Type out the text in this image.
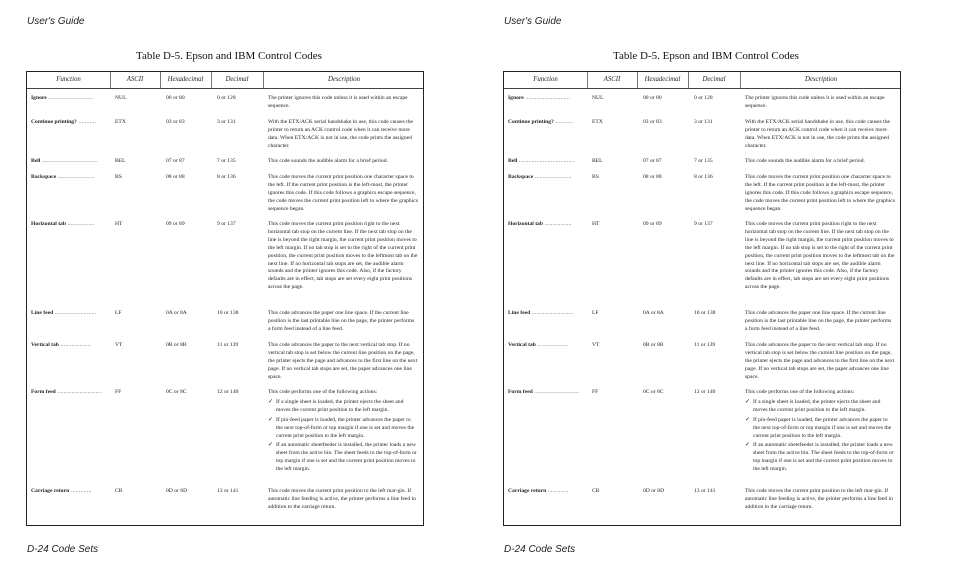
User's Guide
Table D-5. Epson and IBM Control Codes
Function	ASCII	Hexadecimal	Decimal	Description
Ignore ............................	NUL	00 or 80	0 or 128	The printer ignores this code unless it is used within an escape sequence.
Continue printing? ...........	ETX	03 or 83	3 or 131	With the ETX/ACK serial handshake in use, this code causes the printer to return an ACK control code when it can receive more data. When ETX/ACK is not in use, the code prints the assigned character.
Bell ...................................	BEL	07 or 87	7 or 135	This code sounds the audible alarm for a brief period.
Backspace .......................	BS	08 or 88	8 or 136	This code moves the current print position one character space to the left. If the current print position is the left-most, the printer ignores this code. If this code follows a graphics escape sequence, the code moves the current print position left to where the graphics sequence began.
Horizontal tab .................	HT	09 or 89	9 or 137	This code moves the current print position right to the next horizontal tab stop on the current line. If the next tab stop on the line is beyond the right margin, the current print position moves to the left margin. If no tab stop is set to the right of the current print position, the current print position moves to the leftmost tab on the next line. If no horizontal tab stops are set, the audible alarm sounds and the printer ignores this code. Also, if the factory defaults are in effect, tab stops are set every eight print positions across the page.
Line feed ..........................	LF	0A or 8A	10 or 138	This code advances the paper one line space. If the current line position is the last printable line on the page, the printer performs a form feed instead of a line feed.
Vertical tab ...................	VT	0B or 8B	11 or 139	This code advances the paper to the next vertical tab stop. If no vertical tab stop is set below the current line position on the page, the printer ejects the page and advances to the first line on the next page. If no vertical tab stops are set, the paper advances one line space.
Form feed ............................	FF	0C or 8C	12 or 140	This code performs one of the following actions:
✓ If a single sheet is loaded, the printer ejects the sheet and moves the current print position to the left margin.
✓ If pin-feed paper is loaded, the printer advances the paper to the next top-of-form or top margin if one is set and moves the current print position to the left margin.
✓ If an automatic sheetfeeder is installed, the printer loads a new sheet from the active bin. The sheet feeds to the top-of-form or top margin if one is set and the current print position moves to the left margin.
Carriage return .............	CR	0D or 8D	13 or 141	This code moves the current print position to the left mar-gin. If automatic line feeding is active, the printer performs a line feed in addition to the carriage return.
D-24 Code Sets
User's Guide
Table D-5. Epson and IBM Control Codes
Function	ASCII	Hexadecimal	Decimal	Description
Ignore ............................	NUL	00 or 80	0 or 128	The printer ignores this code unless it is used within an escape sequence.
Continue printing? ...........	ETX	03 or 83	3 or 131	With the ETX/ACK serial handshake in use, this code causes the printer to return an ACK control code when it can receive more data. When ETX/ACK is not in use, the code prints the assigned character.
Bell ...................................	BEL	07 or 87	7 or 135	This code sounds the audible alarm for a brief period.
Backspace .......................	BS	08 or 88	8 or 136	This code moves the current print position one character space to the left. If the current print position is the left-most, the printer ignores this code. If this code follows a graphics escape sequence, the code moves the current print position left to where the graphics sequence began.
Horizontal tab .................	HT	09 or 89	9 or 137	This code moves the current print position right to the next horizontal tab stop on the current line. If the next tab stop on the line is beyond the right margin, the current print position moves to the left margin. If no tab stop is set to the right of the current print position, the current print position moves to the leftmost tab on the next line. If no horizontal tab stops are set, the audible alarm sounds and the printer ignores this code. Also, if the factory defaults are in effect, tab stops are set every eight print positions across the page.
Line feed ..........................	LF	0A or 8A	10 or 138	This code advances the paper one line space. If the current line position is the last printable line on the page, the printer performs a form feed instead of a line feed.
Vertical tab ...................	VT	0B or 8B	11 or 139	This code advances the paper to the next vertical tab stop. If no vertical tab stop is set below the current line position on the page, the printer ejects the page and advances to the first line on the next page. If no vertical tab stops are set, the paper advances one line space.
Form feed ............................	FF	0C or 8C	12 or 140	This code performs one of the following actions:
✓ If a single sheet is loaded, the printer ejects the sheet and moves the current print position to the left margin.
✓ If pin-feed paper is loaded, the printer advances the paper to the next top-of-form or top margin if one is set and moves the current print position to the left margin.
✓ If an automatic sheetfeeder is installed, the printer loads a new sheet from the active bin. The sheet feeds to the top-of-form or top margin if one is set and the current print position moves to the left margin.
Carriage return .............	CR	0D or 8D	13 or 141	This code moves the current print position to the left mar-gin. If automatic line feeding is active, the printer performs a line feed in addition to the carriage return.
D-24 Code Sets
